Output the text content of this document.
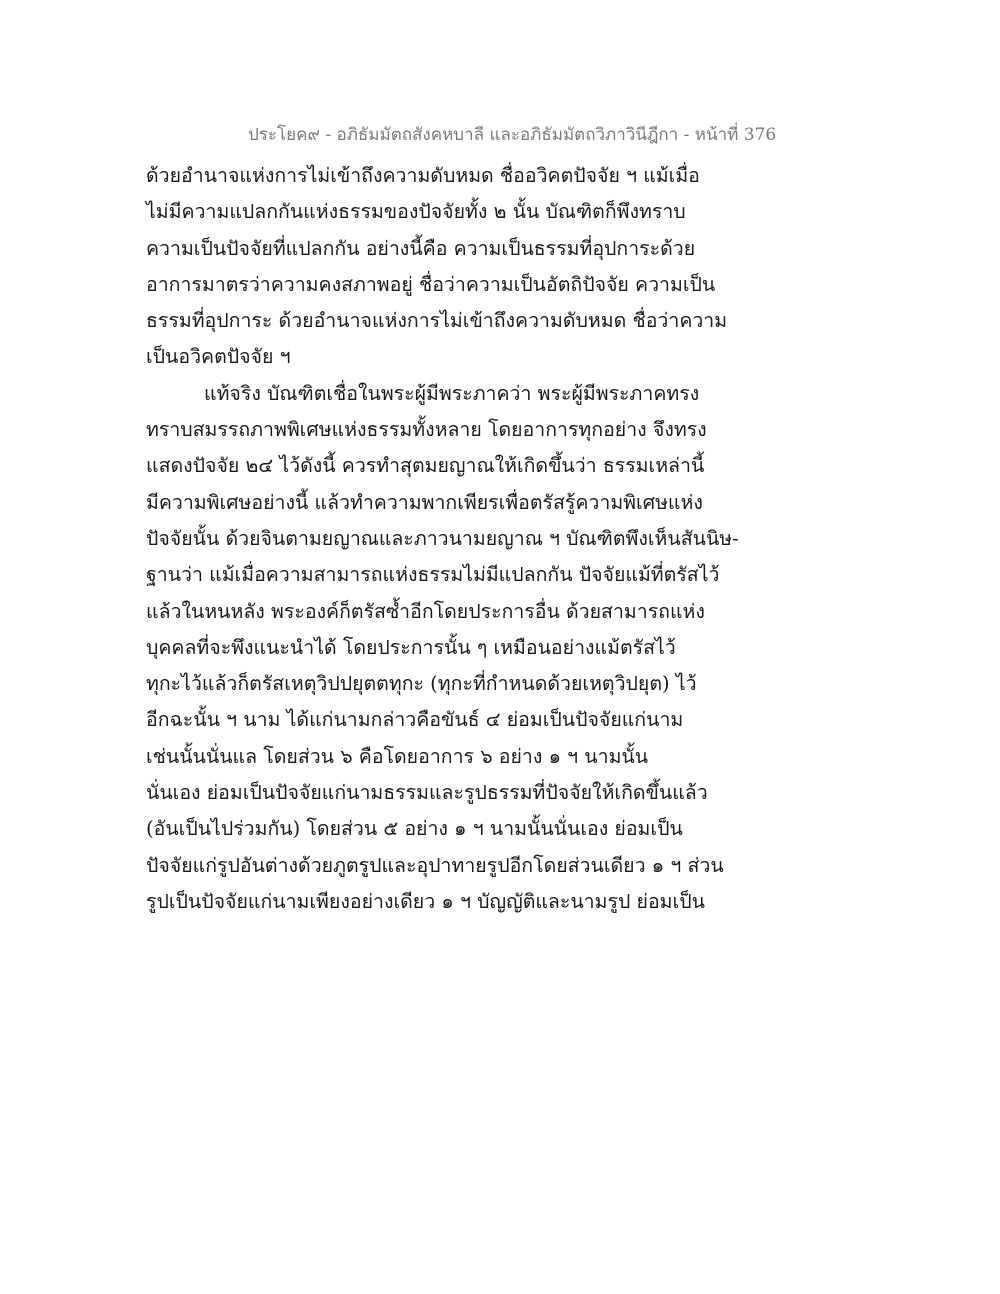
ประโยค๙ - อภิธัมมัตถสังคหบาลี และอภิธัมมัตถวิภาวินีฎีกา - หน้าที่ 376
ด้วยอำนาจแห่งการไม่เข้าถึงความดับหมด ชื่ออวิคตปัจจัย ฯ แม้เมื่อ
ไม่มีความแปลกกันแห่งธรรมของปัจจัยทั้ง ๒ นั้น บัณฑิตก็พึงทราบ
ความเป็นปัจจัยที่แปลกกัน อย่างนี้คือ ความเป็นธรรมที่อุปการะด้วย
อาการมาตรว่าความคงสภาพอยู่ ชื่อว่าความเป็นอัตถิปัจจัย ความเป็น
ธรรมที่อุปการะ ด้วยอำนาจแห่งการไม่เข้าถึงความดับหมด ชื่อว่าความ
เป็นอวิคตปัจจัย ฯ
แท้จริง บัณฑิตเชื่อในพระผู้มีพระภาคว่า พระผู้มีพระภาคทรง
ทราบสมรรถภาพพิเศษแห่งธรรมทั้งหลาย โดยอาการทุกอย่าง จึงทรง
แสดงปัจจัย ๒๔ ไว้ดังนี้ ควรทำสุตมยญาณให้เกิดขึ้นว่า ธรรมเหล่านี้
มีความพิเศษอย่างนี้ แล้วทำความพากเพียรเพื่อตรัสรู้ความพิเศษแห่ง
ปัจจัยนั้น ด้วยจินตามยญาณและภาวนามยญาณ ฯ บัณฑิตพึงเห็นสันนิษ-
ฐานว่า แม้เมื่อความสามารถแห่งธรรมไม่มีแปลกกัน ปัจจัยแม้ที่ตรัสไว้
แล้วในหนหลัง พระองค์ก็ตรัสซ้ำอีกโดยประการอื่น ด้วยสามารถแห่ง
บุคคลที่จะพึงแนะนำได้ โดยประการนั้น ๆ เหมือนอย่างแม้ตรัสไว้
ทุกะไว้แล้วก็ตรัสเหตุวิปปยุตตทุกะ (ทุกะที่กำหนดด้วยเหตุวิปยุต) ไว้
อีกฉะนั้น ฯ นาม ได้แก่นามกล่าวคือขันธ์ ๔ ย่อมเป็นปัจจัยแก่นาม
เช่นนั้นนั่นแล โดยส่วน ๖ คือโดยอาการ ๖ อย่าง ๑ ฯ นามนั้น
นั่นเอง ย่อมเป็นปัจจัยแก่นามธรรมและรูปธรรมที่ปัจจัยให้เกิดขึ้นแล้ว
(อันเป็นไปร่วมกัน) โดยส่วน ๕ อย่าง ๑ ฯ นามนั้นนั่นเอง ย่อมเป็น
ปัจจัยแก่รูปอันต่างด้วยภูตรูปและอุปาทายรูปอีกโดยส่วนเดียว ๑ ฯ ส่วน
รูปเป็นปัจจัยแก่นามเพียงอย่างเดียว ๑ ฯ บัญญัติและนามรูป ย่อมเป็น
